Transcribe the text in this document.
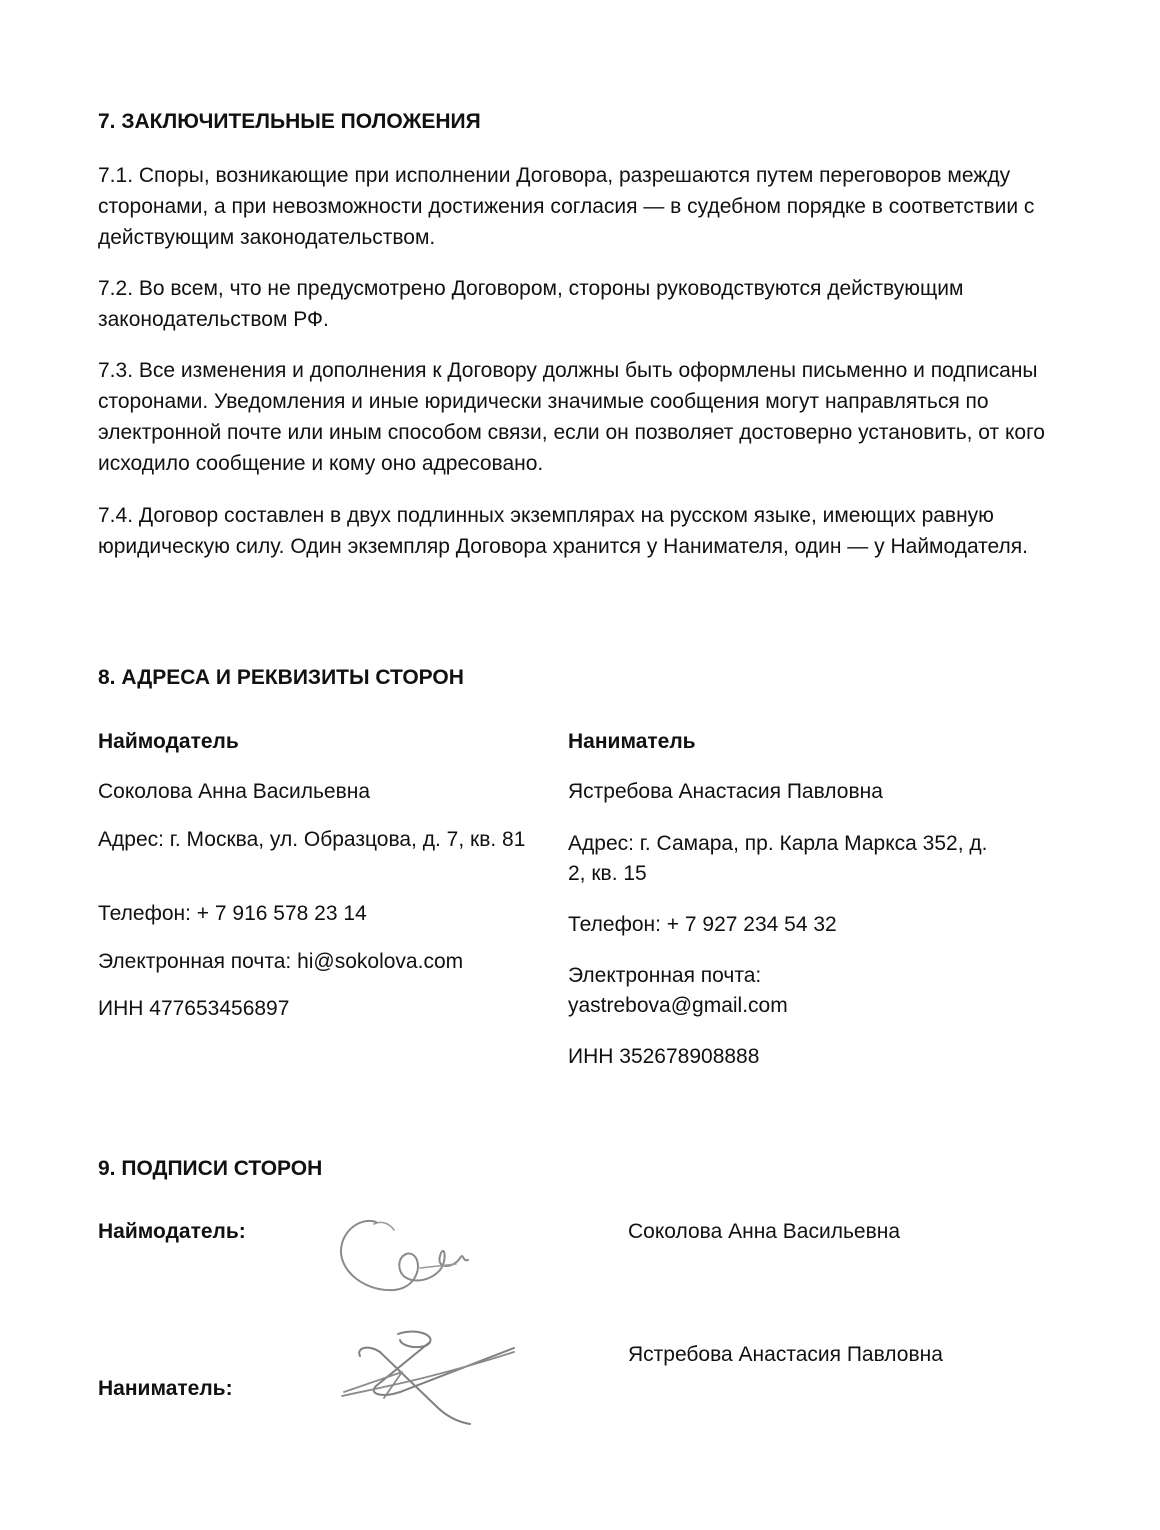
7. ЗАКЛЮЧИТЕЛЬНЫЕ ПОЛОЖЕНИЯ
7.1. Споры, возникающие при исполнении Договора, разрешаются путем переговоров между сторонами, а при невозможности достижения согласия — в судебном порядке в соответствии с действующим законодательством.
7.2. Во всем, что не предусмотрено Договором, стороны руководствуются действующим законодательством РФ.
7.3. Все изменения и дополнения к Договору должны быть оформлены письменно и подписаны сторонами. Уведомления и иные юридически значимые сообщения могут направляться по электронной почте или иным способом связи, если он позволяет достоверно установить, от кого исходило сообщение и кому оно адресовано.
7.4. Договор составлен в двух подлинных экземплярах на русском языке, имеющих равную юридическую силу. Один экземпляр Договора хранится у Нанимателя, один — у Наймодателя.
8. АДРЕСА И РЕКВИЗИТЫ СТОРОН
Наймодатель
Соколова Анна Васильевна
Адрес: г. Москва, ул. Образцова, д. 7, кв. 81
Телефон: + 7 916 578 23 14
Электронная почта: hi@sokolova.com
ИНН 477653456897
Наниматель
Ястребова Анастасия Павловна
Адрес: г. Самара, пр. Карла Маркса 352, д. 2, кв. 15
Телефон: + 7 927 234 54 32
Электронная почта: yastrebova@gmail.com
ИНН 352678908888
9. ПОДПИСИ СТОРОН
Наймодатель:	Соколова Анна Васильевна
Ястребова Анастасия Павловна
Наниматель:
